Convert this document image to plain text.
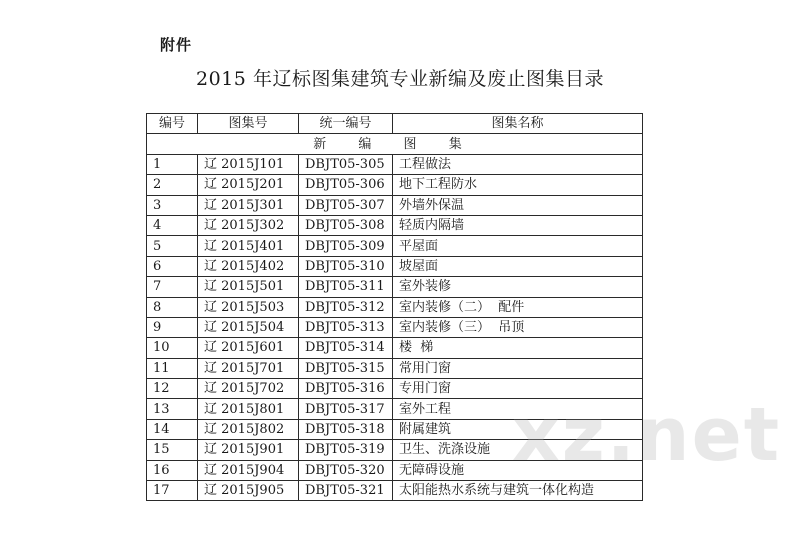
附件
2015 年辽标图集建筑专业新编及废止图集目录
编号	图集号	统一编号	图集名称
新 编 图 集			
1	辽 2015J101	DBJT05-305	工程做法
2	辽 2015J201	DBJT05-306	地下工程防水
3	辽 2015J301	DBJT05-307	外墙外保温
4	辽 2015J302	DBJT05-308	轻质内隔墙
5	辽 2015J401	DBJT05-309	平屋面
6	辽 2015J402	DBJT05-310	坡屋面
7	辽 2015J501	DBJT05-311	室外装修
8	辽 2015J503	DBJT05-312	室内装修（二）  配件
9	辽 2015J504	DBJT05-313	室内装修（三）  吊顶
10	辽 2015J601	DBJT05-314	楼  梯
11	辽 2015J701	DBJT05-315	常用门窗
12	辽 2015J702	DBJT05-316	专用门窗
13	辽 2015J801	DBJT05-317	室外工程
14	辽 2015J802	DBJT05-318	附属建筑
15	辽 2015J901	DBJT05-319	卫生、洗涤设施
16	辽 2015J904	DBJT05-320	无障碍设施
17	辽 2015J905	DBJT05-321	太阳能热水系统与建筑一体化构造
xz.net
